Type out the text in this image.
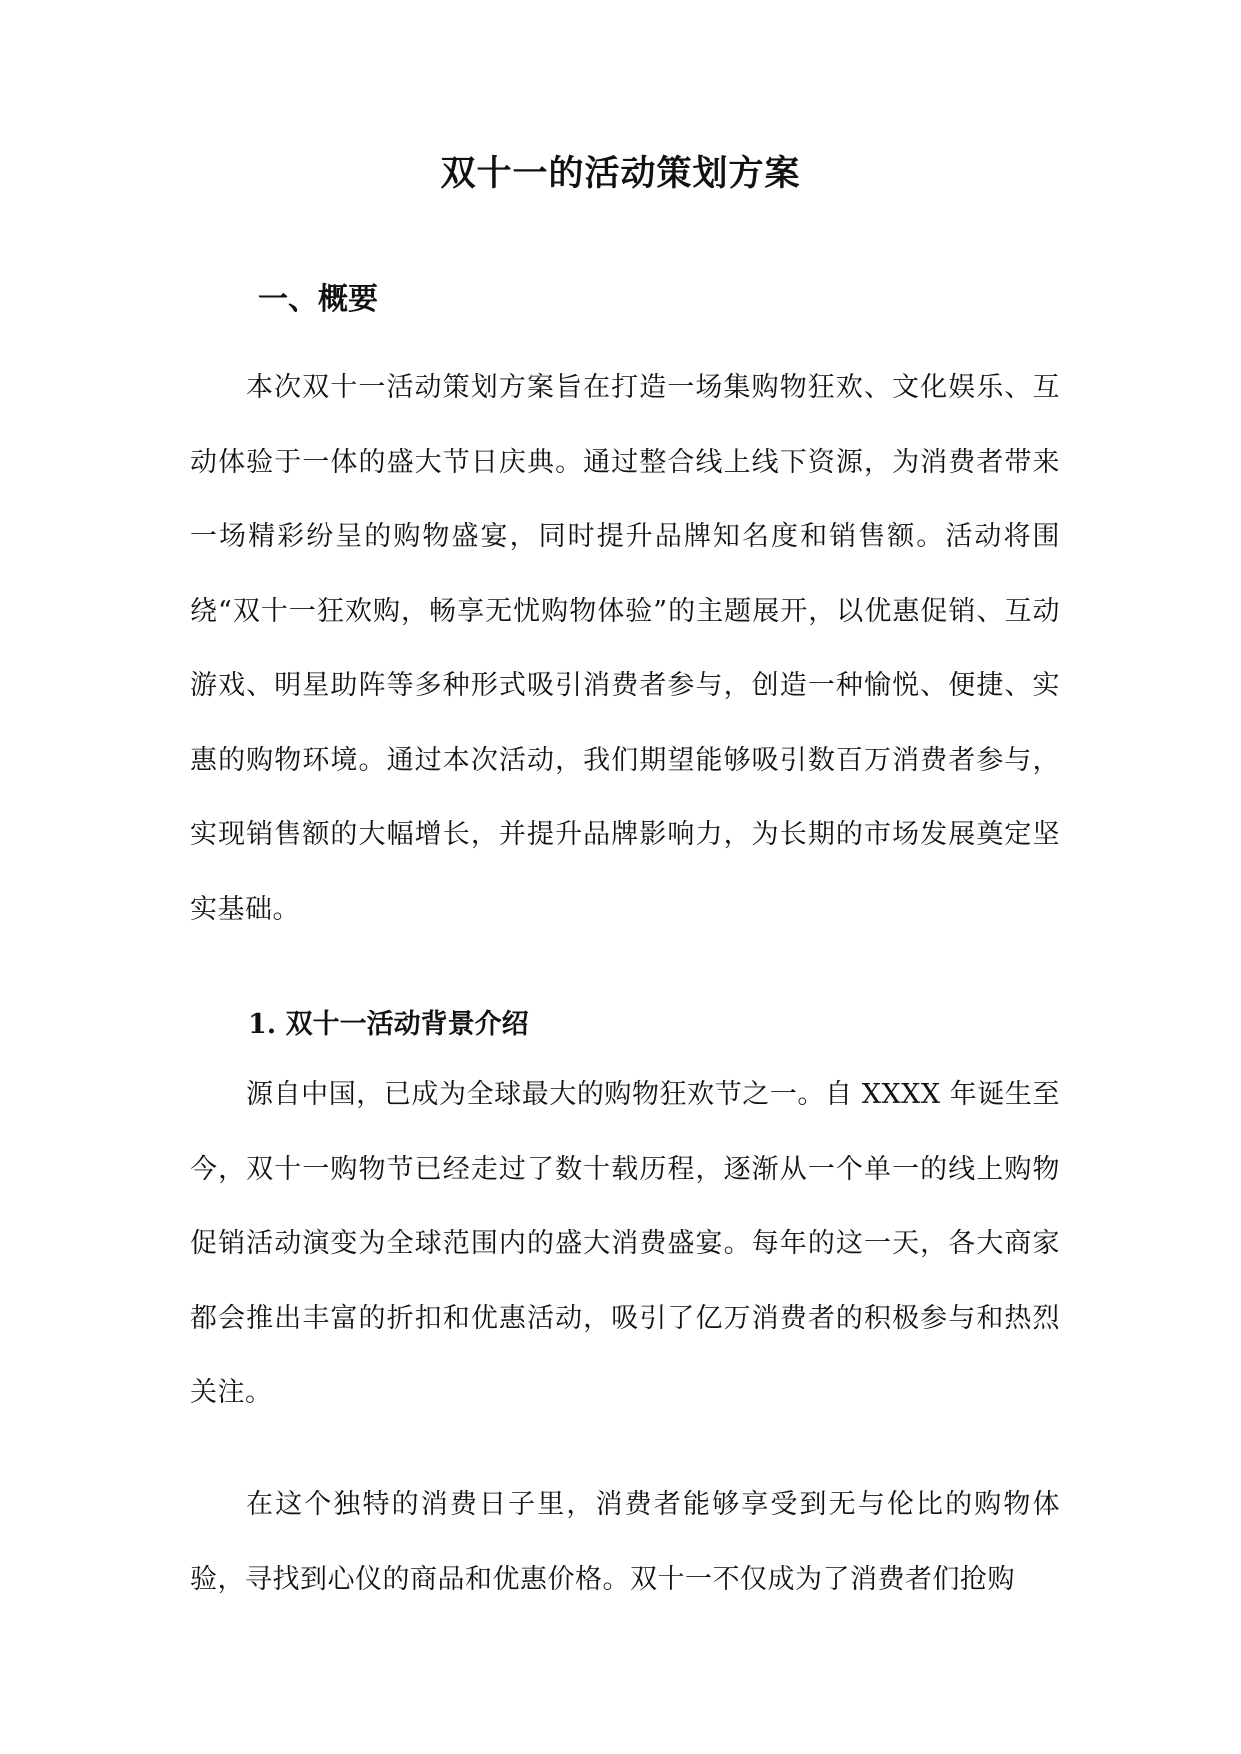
双十一的活动策划方案
一、概要

本次双十一活动策划方案旨在打造一场集购物狂欢、文化娱乐、互动体验于一体的盛大节日庆典。通过整合线上线下资源，为消费者带来一场精彩纷呈的购物盛宴，同时提升品牌知名度和销售额。活动将围绕“双十一狂欢购，畅享无忧购物体验”的主题展开，以优惠促销、互动游戏、明星助阵等多种形式吸引消费者参与，创造一种愉悦、便捷、实惠的购物环境。通过本次活动，我们期望能够吸引数百万消费者参与，实现销售额的大幅增长，并提升品牌影响力，为长期的市场发展奠定坚实基础。

1. 双十一活动背景介绍

源自中国，已成为全球最大的购物狂欢节之一。自 XXXX 年诞生至今，双十一购物节已经走过了数十载历程，逐渐从一个单一的线上购物促销活动演变为全球范围内的盛大消费盛宴。每年的这一天，各大商家都会推出丰富的折扣和优惠活动，吸引了亿万消费者的积极参与和热烈关注。

在这个独特的消费日子里，消费者能够享受到无与伦比的购物体验，寻找到心仪的商品和优惠价格。双十一不仅成为了消费者们抢购
